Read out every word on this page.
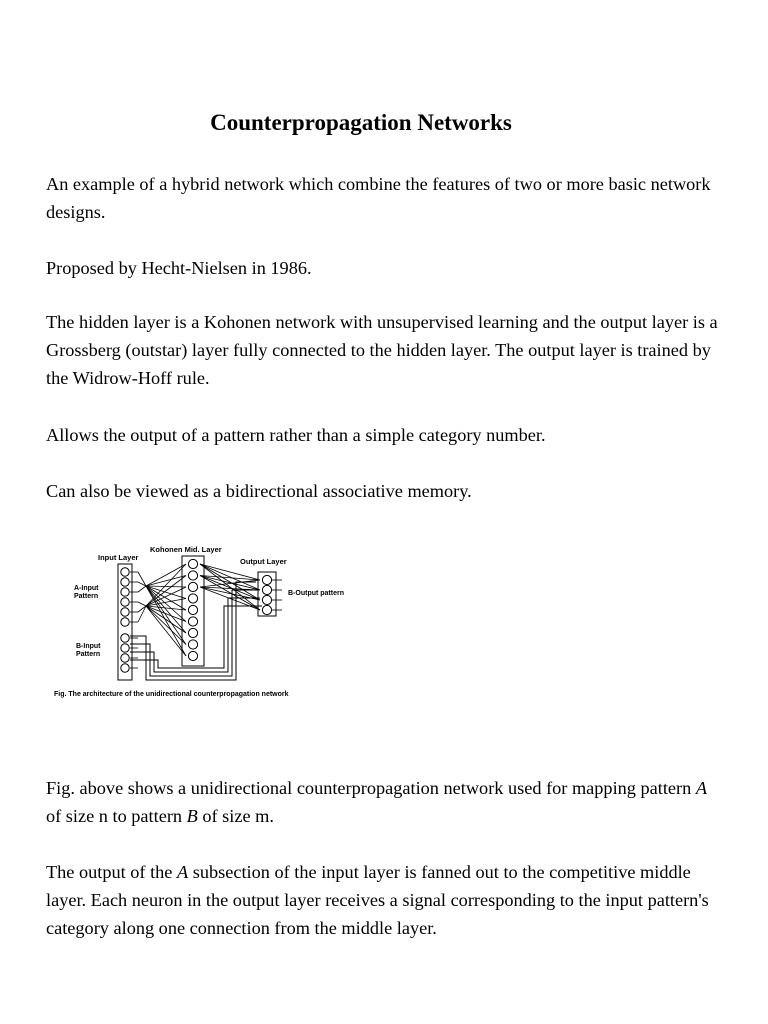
Counterpropagation Networks

An example of a hybrid network which combine the features of two or more basic network designs.

Proposed by Hecht-Nielsen in 1986.

The hidden layer is a Kohonen network with unsupervised learning and the output layer is a Grossberg (outstar) layer fully connected to the hidden layer. The output layer is trained by the Widrow-Hoff rule.

Allows the output of a pattern rather than a simple category number.

Can also be viewed as a bidirectional associative memory.

Input Layer
Kohonen Mid. Layer
Output Layer
A-Input
Pattern
B-Input
Pattern
B-Output pattern
Fig. The architecture of the unidirectional counterpropagation network

Fig. above shows a unidirectional counterpropagation network used for mapping pattern A of size n to pattern B of size m.

The output of the A subsection of the input layer is fanned out to the competitive middle layer. Each neuron in the output layer receives a signal corresponding to the input pattern's category along one connection from the middle layer.
